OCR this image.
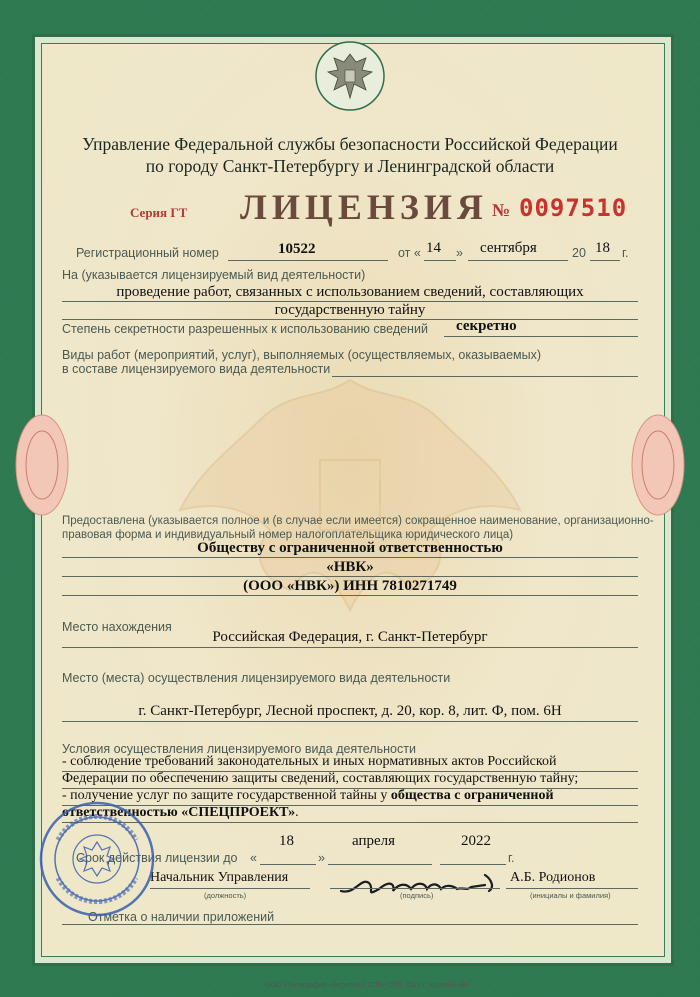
Управление Федеральной службы безопасности Российской Федерации
по городу Санкт-Петербургу и Ленинградской области
Серия ГТ ЛИЦЕНЗИЯ № 0097510
Регистрационный номер	10522	от « 14 » сентября	20 18 г.
На (указывается лицензируемый вид деятельности)
проведение работ, связанных с использованием сведений, составляющих
государственную тайну
Степень секретности разрешенных к использованию сведений секретно
Виды работ (мероприятий, услуг), выполняемых (осуществляемых, оказываемых)
в составе лицензируемого вида деятельности
Предоставлена (указывается полное и (в случае если имеется) сокращенное наименование, организационно-
правовая форма и индивидуальный номер налогоплательщика юридического лица)
Обществу с ограниченной ответственностью
«НВК»
(ООО «НВК») ИНН 7810271749
Место нахождения
Российская Федерация, г. Санкт-Петербург
Место (места) осуществления лицензируемого вида деятельности
г. Санкт-Петербург, Лесной проспект, д. 20, кор. 8, лит. Ф, пом. 6Н
Условия осуществления лицензируемого вида деятельности
- соблюдение требований законодательных и иных нормативных актов Российской
Федерации по обеспечению защиты сведений, составляющих государственную тайну;
- получение услуг по защите государственной тайны у общества с ограниченной
ответственностью «СПЕЦПРОЕКТ».
Срок действия лицензии до «
18
»
апреля	2022
г.
Начальник Управления
(должность)	(подпись)
А.Б. Родионов
(инициалы и фамилия)
Отметка о наличии приложений
ООО «Типография «Береста-2 СПб» СПб. 2013 г. Уровень «В»
